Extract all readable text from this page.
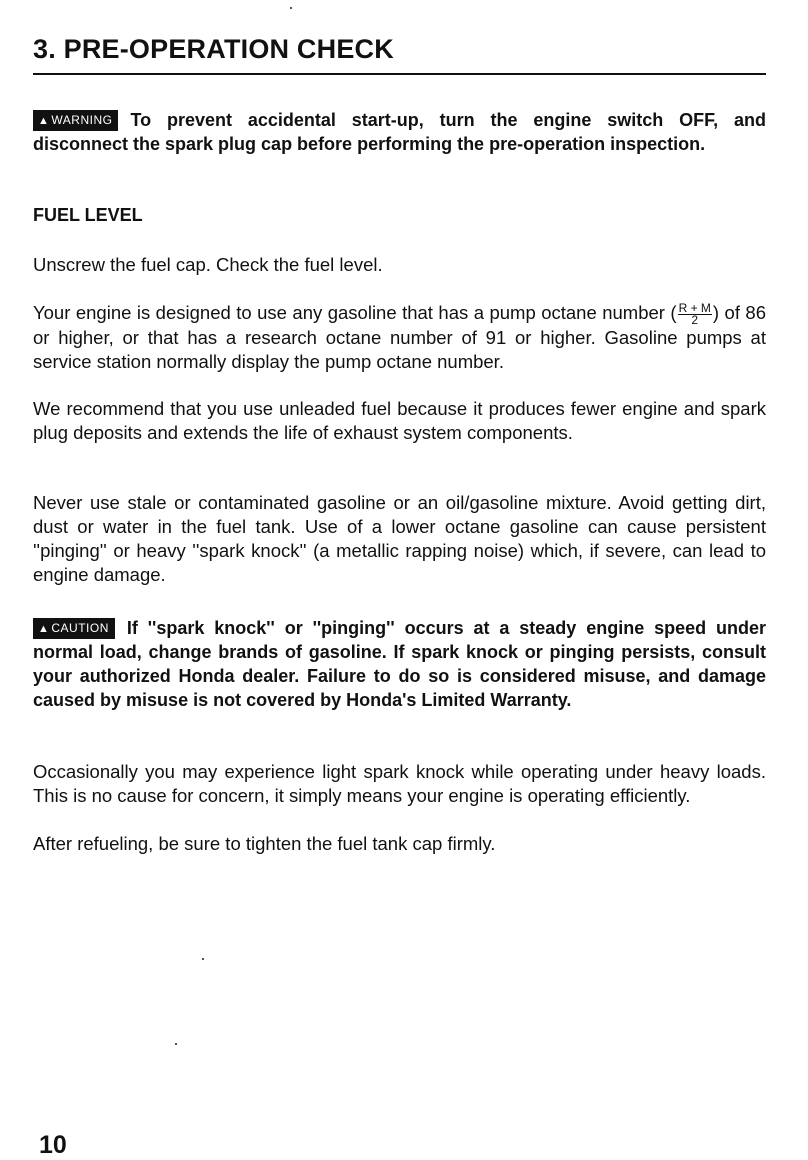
3. PRE-OPERATION CHECK
▲ WARNING To prevent accidental start-up, turn the engine switch OFF, and disconnect the spark plug cap before performing the pre-operation inspection.
FUEL LEVEL

Unscrew the fuel cap. Check the fuel level.

Your engine is designed to use any gasoline that has a pump octane number ( $\frac{R + M}{2}$ ) of 86 or higher, or that has a research octane number of 91 or higher. Gasoline pumps at service station normally display the pump octane number.

We recommend that you use unleaded fuel because it produces fewer engine and spark plug deposits and extends the life of exhaust system components.

Never use stale or contaminated gasoline or an oil/gasoline mixture. Avoid getting dirt, dust or water in the fuel tank. Use of a lower octane gasoline can cause persistent ''pinging'' or heavy ''spark knock'' (a metallic rapping noise) which, if severe, can lead to engine damage.

▲ CAUTION If ''spark knock'' or ''pinging'' occurs at a steady engine speed under normal load, change brands of gasoline. If spark knock or pinging persists, consult your authorized Honda dealer. Failure to do so is considered misuse, and damage caused by misuse is not covered by Honda's Limited Warranty.

Occasionally you may experience light spark knock while operating under heavy loads. This is no cause for concern, it simply means your engine is operating efficiently.

After refueling, be sure to tighten the fuel tank cap firmly.

10
